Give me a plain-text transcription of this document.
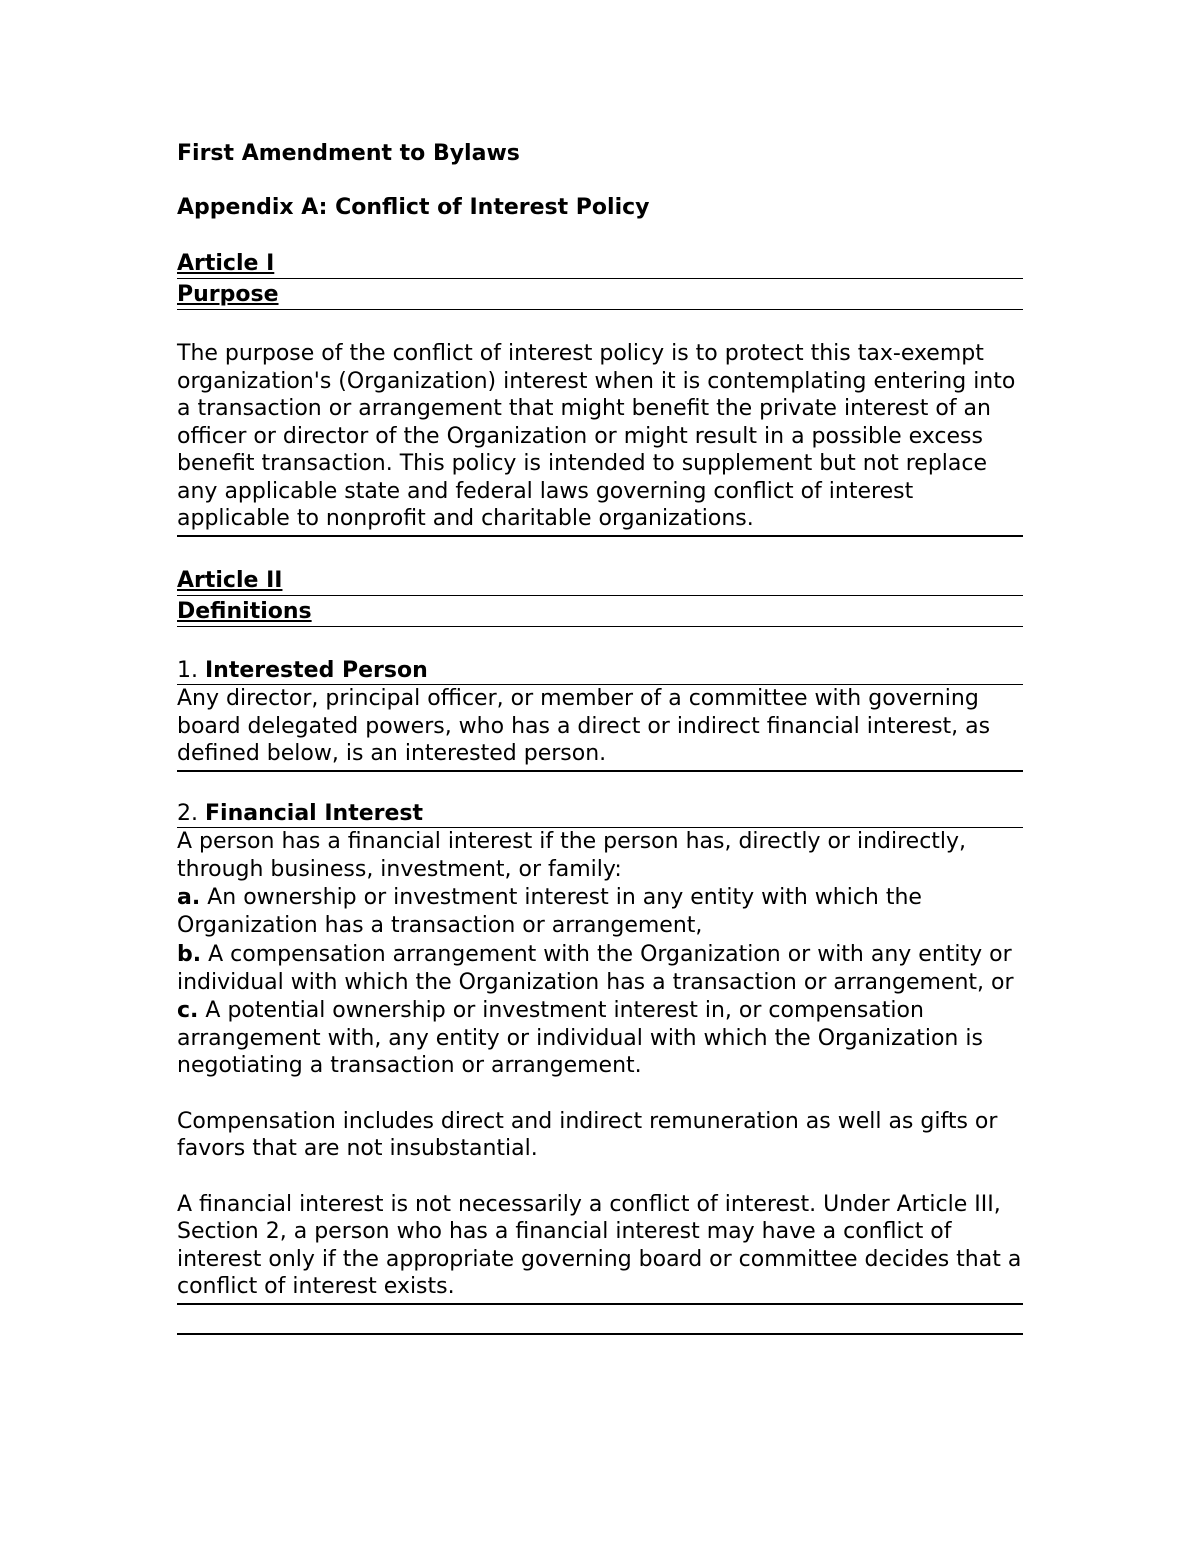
First Amendment to Bylaws

Appendix A: Conflict of Interest Policy

Article I
Purpose

The purpose of the conflict of interest policy is to protect this tax-exempt organization's (Organization) interest when it is contemplating entering into a transaction or arrangement that might benefit the private interest of an officer or director of the Organization or might result in a possible excess benefit transaction. This policy is intended to supplement but not replace any applicable state and federal laws governing conflict of interest applicable to nonprofit and charitable organizations.

Article II
Definitions
1. Interested Person

Any director, principal officer, or member of a committee with governing board delegated powers, who has a direct or indirect financial interest, as defined below, is an interested person.

2. Financial Interest

A person has a financial interest if the person has, directly or indirectly, through business, investment, or family:

a. An ownership or investment interest in any entity with which the Organization has a transaction or arrangement,

b. A compensation arrangement with the Organization or with any entity or individual with which the Organization has a transaction or arrangement, or

c. A potential ownership or investment interest in, or compensation arrangement with, any entity or individual with which the Organization is negotiating a transaction or arrangement.

Compensation includes direct and indirect remuneration as well as gifts or favors that are not insubstantial.

A financial interest is not necessarily a conflict of interest. Under Article III, Section 2, a person who has a financial interest may have a conflict of interest only if the appropriate governing board or committee decides that a conflict of interest exists.
